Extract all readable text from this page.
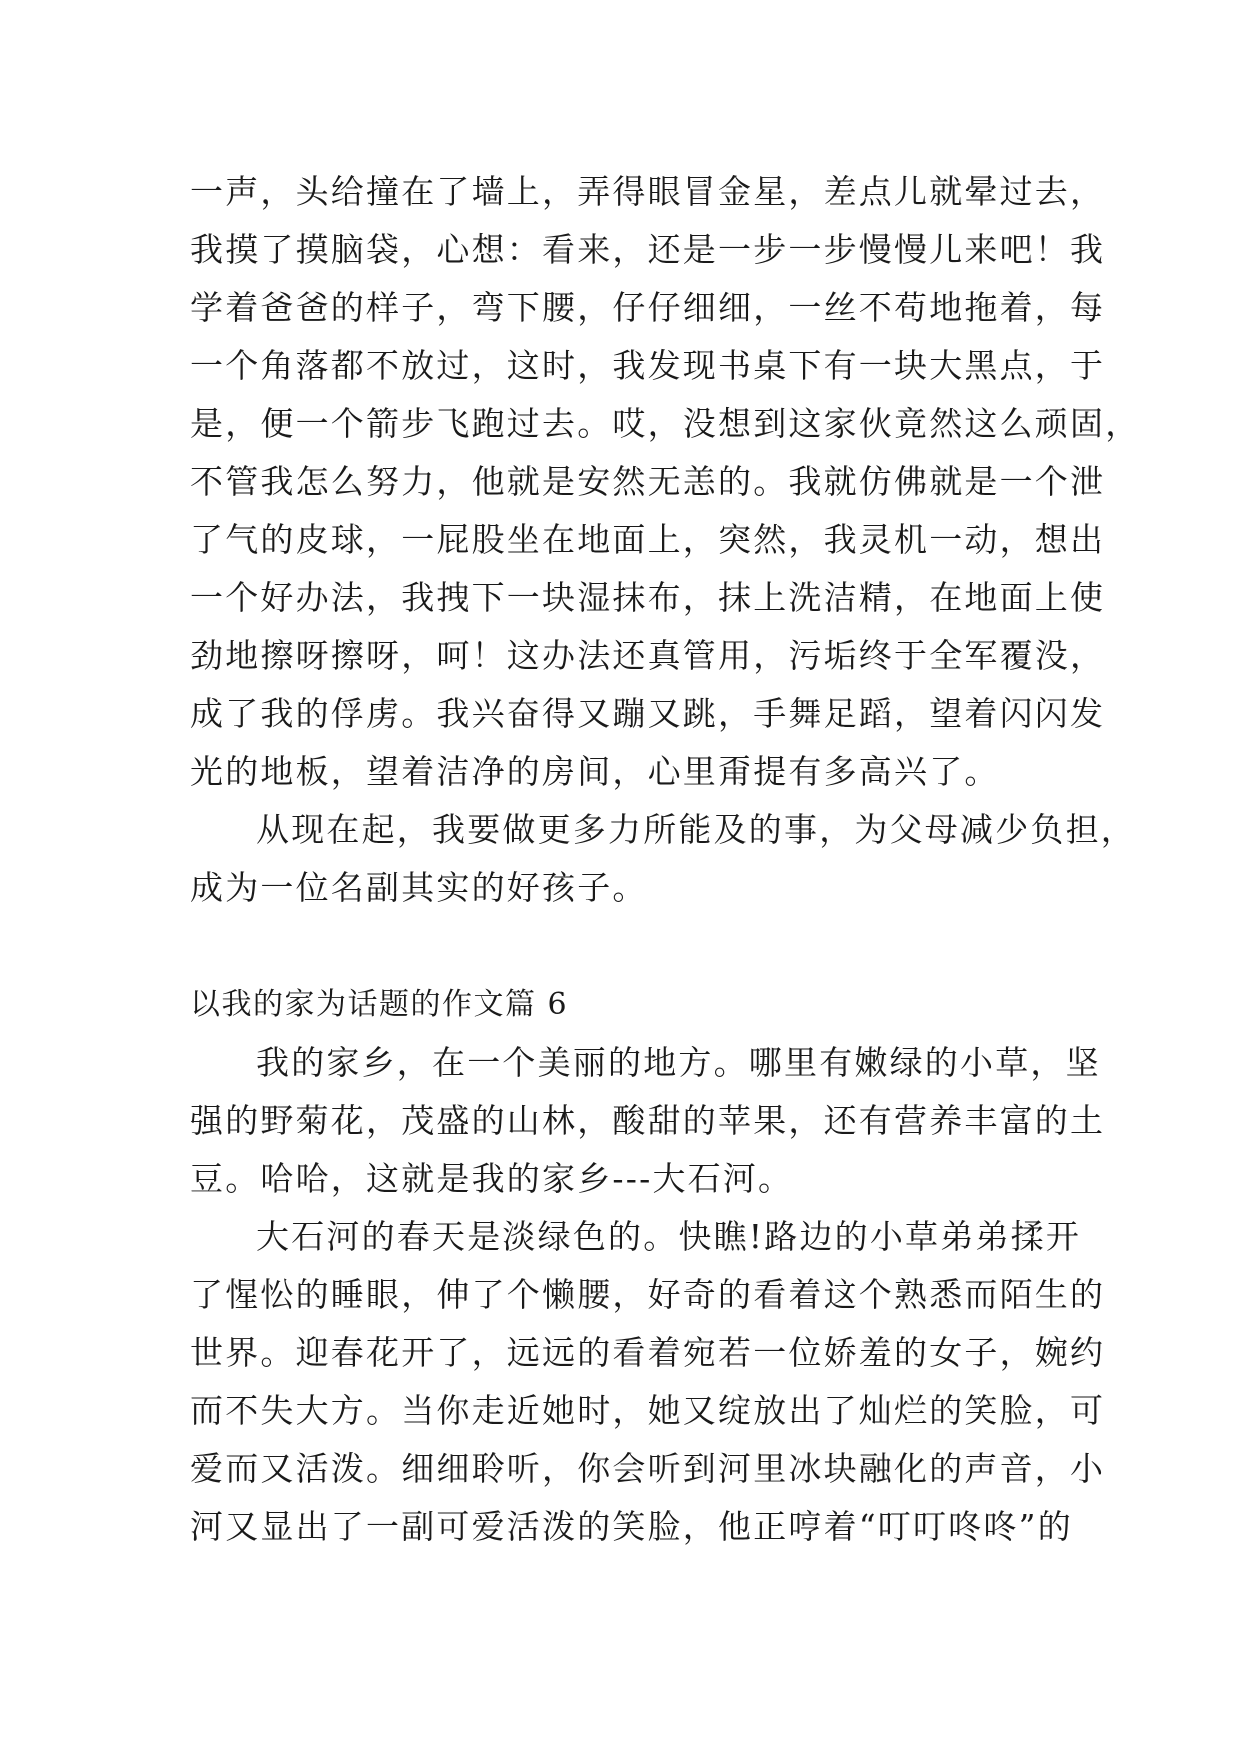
一声，头给撞在了墙上，弄得眼冒金星，差点儿就晕过去，
我摸了摸脑袋，心想：看来，还是一步一步慢慢儿来吧！我
学着爸爸的样子，弯下腰，仔仔细细，一丝不苟地拖着，每
一个角落都不放过，这时，我发现书桌下有一块大黑点，于
是，便一个箭步飞跑过去。哎，没想到这家伙竟然这么顽固，
不管我怎么努力，他就是安然无恙的。我就仿佛就是一个泄
了气的皮球，一屁股坐在地面上，突然，我灵机一动，想出
一个好办法，我拽下一块湿抹布，抹上洗洁精，在地面上使
劲地擦呀擦呀，呵！这办法还真管用，污垢终于全军覆没，
成了我的俘虏。我兴奋得又蹦又跳，手舞足蹈，望着闪闪发
光的地板，望着洁净的房间，心里甭提有多高兴了。
从现在起，我要做更多力所能及的事，为父母减少负担，
成为一位名副其实的好孩子。
以我的家为话题的作文篇 6
我的家乡，在一个美丽的地方。哪里有嫩绿的小草，坚
强的野菊花，茂盛的山林，酸甜的苹果，还有营养丰富的土
豆。哈哈，这就是我的家乡---大石河。
大石河的春天是淡绿色的。快瞧!路边的小草弟弟揉开
了惺忪的睡眼，伸了个懒腰，好奇的看着这个熟悉而陌生的
世界。迎春花开了，远远的看着宛若一位娇羞的女子，婉约
而不失大方。当你走近她时，她又绽放出了灿烂的笑脸，可
爱而又活泼。细细聆听，你会听到河里冰块融化的声音，小
河又显出了一副可爱活泼的笑脸，他正哼着“叮叮咚咚”的
